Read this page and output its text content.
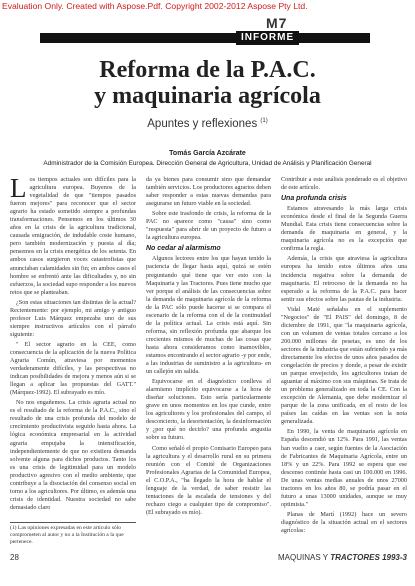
Evaluation Only. Created with Aspose.Pdf. Copyright 2002-2012 Aspose Pty Ltd.
M7
INFORME
Reforma de la P.A.C.
y maquinaria agrícola
Apuntes y reflexiones $^{(1)}$
Tomás García Azcárate
Administrador de la Comisión Europea. Dirección General de Agricultura, Unidad de Análisis y Planificación General
L os tiempos actuales son difíciles para la agricultura europea. Buyenos de la vegetalidad de que "tiempos pasados fueron mejores" para reconocer que el sector agrario ha estado sometido siempre a profundas transformaciones. Pensemos en los últimos 30 años en la crisis de la agricultura tradicional, causada emigración, de indudable coste humano, pero también modernización y puesta al día; pensemos en la crisis energética de los setenta. En ambos casos surgieron voces catastrofistas que anunciaban calamidades sin fin; en ambos casos el hombre se enfrentó ante las dificultades y, no sin esfuerzos, la sociedad supo responder a los nuevos retos que se planteaban.

¿Son estas situaciones tan distintas de la actual? Recientemente: por ejemplo, mi amigo y antiguo profesor Luis Márquez empezaba uno de sus siempre instructivos artículos con el párrafo siguiente:

" El sector agrario en la CEE, como consecuencia de la aplicación de la nueva Política Agraria Común, atraviesa por momentos verdaderamente difíciles, y las perspectivas no indican posibilidades de mejora y menos aún si se llegan a aplicar las propuestas del GATT." (Márquez-1992). El subrayado es mío.

No nos engañemos. La crisis agraria actual no es el resultado de la reforma de la P.A.C., sino el resultado de una crisis profunda del modelo de crecimiento productivista seguido hasta ahora. La lógica económica empresarial en la actividad agraria empujaba la intensificación, independientemente de que no existiera demanda solvente alguna para dichos productos. Tanto los es una crisis de legitimidad para un modelo productivo agresivo con el medio ambiente, que contribuye a la disociación del consenso social en torno a los agricultores. Por último, es además una crisis de identidad. Nuestra sociedad no sabe demasiado claro

da ya bienes para consumir sino que demandar también servicios. Los productores agrarios deben saber responder a estas nuevas demandas para asegurarse un futuro viable en la sociedad.

Sobre este trasfondo de crisis, la reforma de la PAC no aparece como "causa" sino como "respuesta" para abrir de un proyecto de futuro a la agricultura europea.

No cedar al alarmismo

Algunos lectores entre los que hayan tenido la paciencia de llegar hasta aquí, quizá se estén preguntando qué tiene que ver esto con la Maquinaria y las Tractores. Pues tiene mucho que ver porque el análisis de las consecuencias sobre la demanda de maquinaria agrícola de la reforma de la PAC sólo puede hacerse si se compara el escenario de la reforma con el de la continuidad de la política actual. La crisis está aquí. Sin reforma, sin reflexión profunda que abarque los crecientes mismos de muchas de las cosas que hasta ahora consideramos como inamovibles, estamos encontrando el sector agrario -y por ende, a las industrias de suministro a la agricultura- en un callejón sin salida.

Equivocarse en el diagnóstico conlleva el alarmismo implícito equivocarse a la hora de diseñar soluciones. Esto sería particularmente grave en unos momentos en los que cunde, entre los agricultores y los profesionales del campo, el desconcierto, la desorientación, la desinformación y ¿por qué no decirlo? una profunda angustia sobre su futuro.

Como señaló el propio Comisario Europeo para la agricultura y el desarrollo rural en su primera reunión con el Comité de Organizaciones Profesionales Agrarias de la Comunidad Europea, el C.O.P.A., "ha llegado la hora de hablar el lenguaje de la verdad, de saber resistir las tentaciones de la escalada de tensiones y del rechazo ciego a cualquier tipo de compromiso". (El subrayado es mío).

Contribuir a este análisis ponderado es el objetivo de este artículo.

Una profunda crisis

Estamos atravesando la más larga crisis económica desde el final de la Segunda Guerra Mundial. Esta crisis tiene consecuencias sobre la demanda de maquinaria en general, y la maquinaria agrícola no es la excepción que confirma la regla.

Además, la crisis que atraviesa la agricultura europea ha tenido estos últimos años una incidencia negativa sobre la demanda de maquinaria. El retroceso de la demanda no ha esperado a la reforma de la P.A.C. para hacer sentir sus efectos sobre las pautas de la industria.

Vidal Maté señalaba en el suplemento "Negocios" de "El PAIS" del domingo, 8 de diciembre de 1991, que "la maquinaria agrícola, con un volumen de ventas totales cercano a los 200.000 millones de pesetas, es uno de los sectores de la industria que están sufriendo ya más directamente los efectos de unos años pasados de congelación de precios y donde, a pesar de existir un parque envejecido, los agricultores tratan de aguantar al máximo con sus máquinas. Se trata de un problema generalizado en toda la CE. Con la excepción de Alemania, que debe modernizar el parque de la zona unificada, en el resto de los países las caídas en las ventas son la nota generalizada.

En 1990, la venta de maquinaria agrícola en España descendió un 12%. Para 1991, las ventas han vuelto a caer, según fuentes de la Asociación de Fabricantes de Maquinaria Agrícola, entre un 18% y un 22%. Para 1992 se espera que ese descenso continúe hasta casi un 100.000 en 1996. De unas ventas medias anuales de unos 27000 tractores en los años 80, se podría pasar en el futuro a unas 13000 unidades, aunque se muy optimista."

Planas de Martí (1992) hace un severo diagnóstico de la situación actual en el sectores agrícolas:

(1) Las opiniones expresadas en este artículo sólo comprometen al autor y no a la Institución a la que pertenece.
28	MAQUINAS Y TRACTORES 1993-3
